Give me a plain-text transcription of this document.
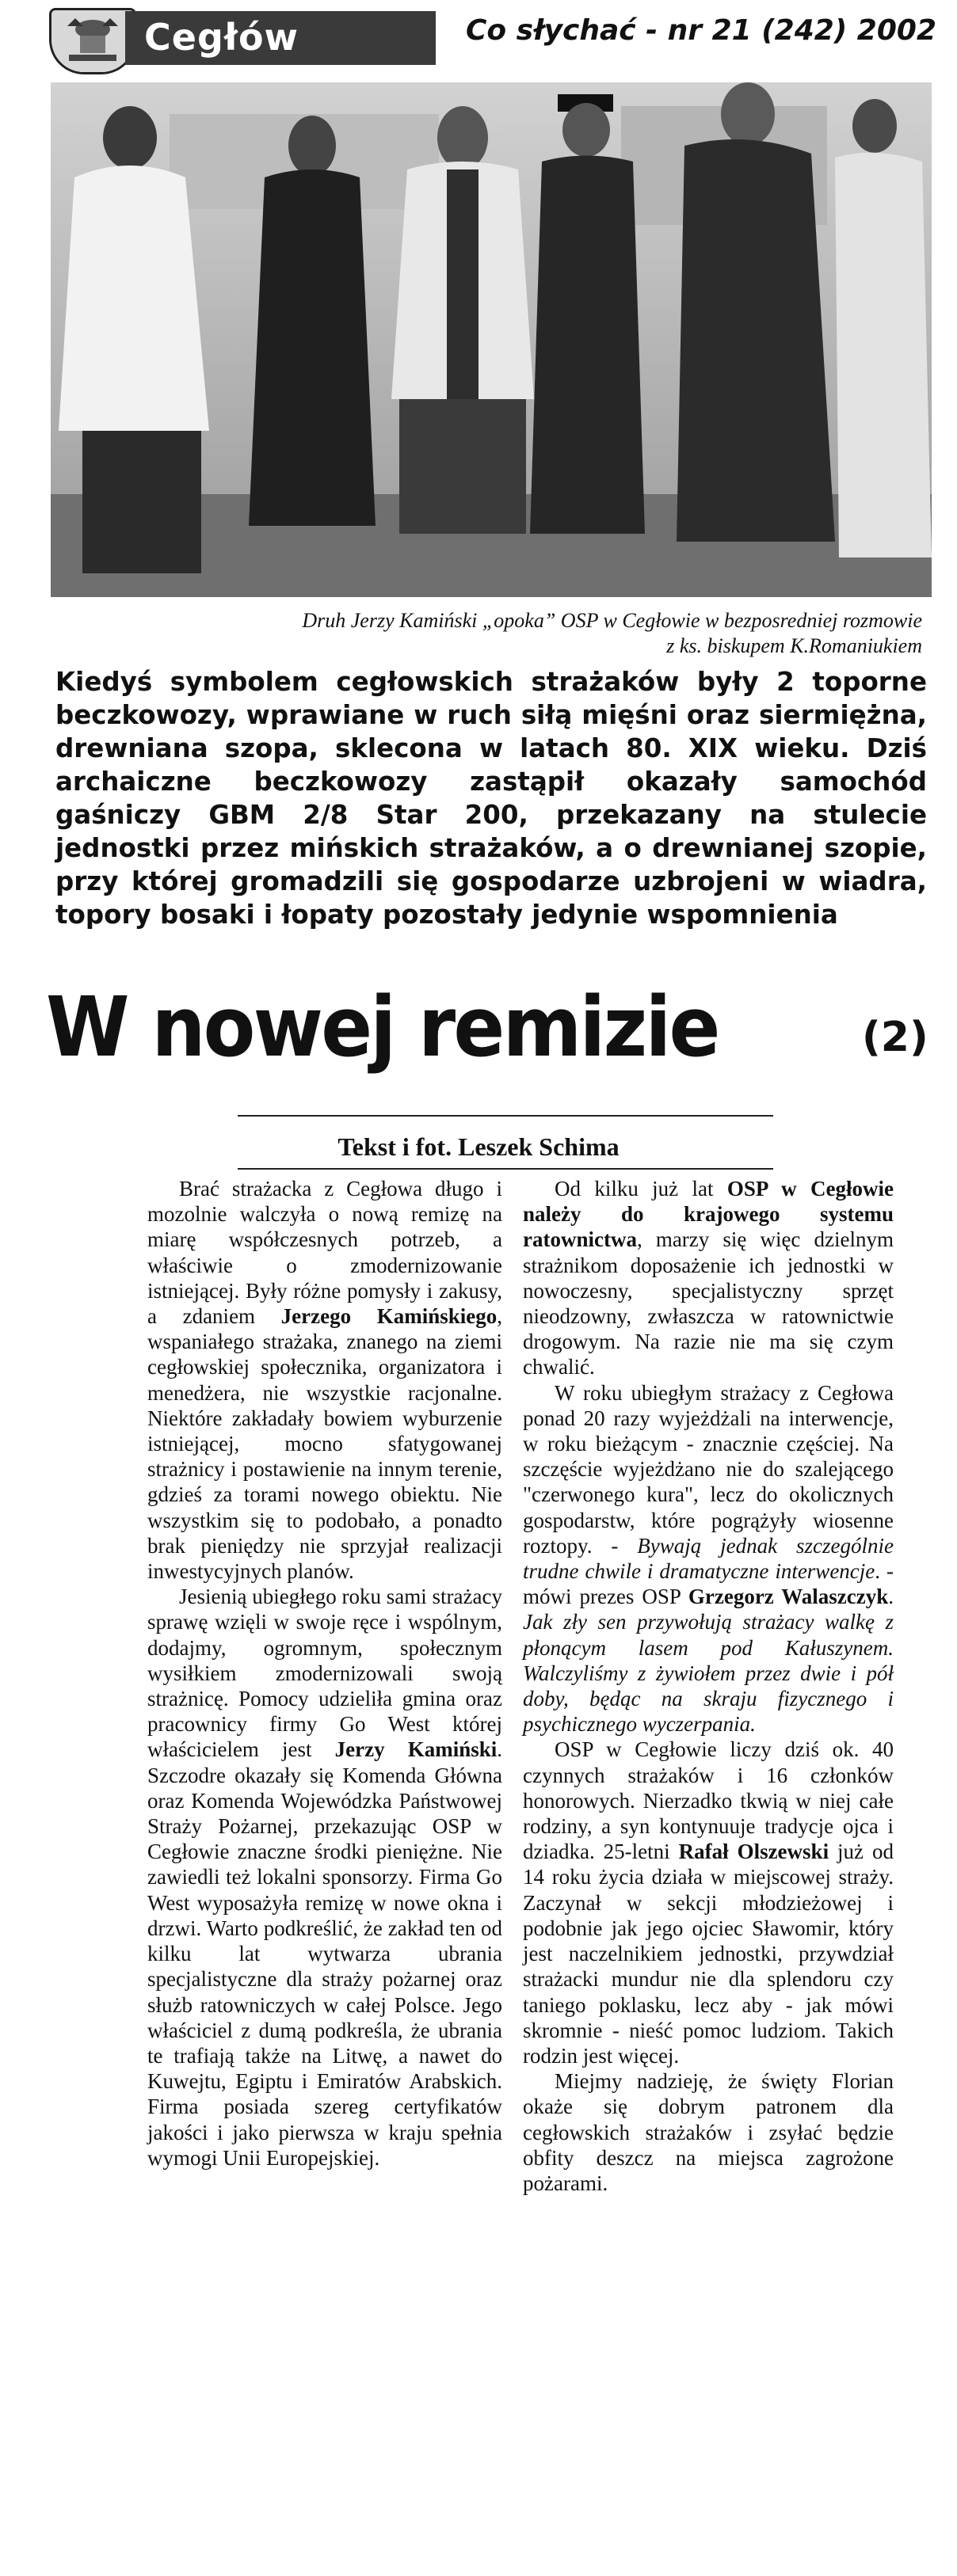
Cegłów	Co słychać - nr 21 (242) 2002
Druh Jerzy Kamiński „opoka” OSP w Cegłowie w bezposredniej rozmowie
z ks. biskupem K.Romaniukiem
Kiedyś symbolem cegłowskich strażaków były 2 toporne beczkowozy, wprawiane w ruch siłą mięśni oraz siermiężna, drewniana szopa, sklecona w latach 80. XIX wieku. Dziś archaiczne beczkowozy zastąpił okazały samochód gaśniczy GBM 2/8 Star 200, przekazany na stulecie jednostki przez mińskich strażaków, a o drewnianej szopie, przy której gromadzili się gospodarze uzbrojeni w wiadra, topory bosaki i łopaty pozostały jedynie wspomnienia
W nowej remizie	(2)
Tekst i fot. Leszek Schima

Brać strażacka z Cegłowa długo i mozolnie walczyła o nową remizę na miarę współczesnych potrzeb, a właściwie o zmodernizowanie istniejącej. Były różne pomysły i zakusy, a zdaniem Jerzego Kamińskiego, wspaniałego strażaka, znanego na ziemi cegłowskiej społecznika, organizatora i menedżera, nie wszystkie racjonalne. Niektóre zakładały bowiem wyburzenie istniejącej, mocno sfatygowanej strażnicy i postawienie na innym terenie, gdzieś za torami nowego obiektu. Nie wszystkim się to podobało, a ponadto brak pieniędzy nie sprzyjał realizacji inwestycyjnych planów.

Jesienią ubiegłego roku sami strażacy sprawę wzięli w swoje ręce i wspólnym, dodajmy, ogromnym, społecznym wysiłkiem zmodernizowali swoją strażnicę. Pomocy udzieliła gmina oraz pracownicy firmy Go West której właścicielem jest Jerzy Kamiński. Szczodre okazały się Komenda Główna oraz Komenda Wojewódzka Państwowej Straży Pożarnej, przekazując OSP w Cegłowie znaczne środki pieniężne. Nie zawiedli też lokalni sponsorzy. Firma Go West wyposażyła remizę w nowe okna i drzwi. Warto podkreślić, że zakład ten od kilku lat wytwarza ubrania specjalistyczne dla straży pożarnej oraz służb ratowniczych w całej Polsce. Jego właściciel z dumą podkreśla, że ubrania te trafiają także na Litwę, a nawet do Kuwejtu, Egiptu i Emiratów Arabskich. Firma posiada szereg certyfikatów jakości i jako pierwsza w kraju spełnia wymogi Unii Europejskiej.

Od kilku już lat OSP w Cegłowie należy do krajowego systemu ratownictwa, marzy się więc dzielnym strażnikom doposażenie ich jednostki w nowoczesny, specjalistyczny sprzęt nieodzowny, zwłaszcza w ratownictwie drogowym. Na razie nie ma się czym chwalić.

W roku ubiegłym strażacy z Cegłowa ponad 20 razy wyjeżdżali na interwencje, w roku bieżącym - znacznie częściej. Na szczęście wyjeżdżano nie do szalejącego "czerwonego kura", lecz do okolicznych gospodarstw, które pogrążyły wiosenne roztopy. - Bywają jednak szczególnie trudne chwile i dramatyczne interwencje. - mówi prezes OSP Grzegorz Walaszczyk. Jak zły sen przywołują strażacy walkę z płonącym lasem pod Kałuszynem. Walczyliśmy z żywiołem przez dwie i pół doby, będąc na skraju fizycznego i psychicznego wyczerpania.

OSP w Cegłowie liczy dziś ok. 40 czynnych strażaków i 16 członków honorowych. Nierzadko tkwią w niej całe rodziny, a syn kontynuuje tradycje ojca i dziadka. 25-letni Rafał Olszewski już od 14 roku życia działa w miejscowej straży. Zaczynał w sekcji młodzieżowej i podobnie jak jego ojciec Sławomir, który jest naczelnikiem jednostki, przywdział strażacki mundur nie dla splendoru czy taniego poklasku, lecz aby - jak mówi skromnie - nieść pomoc ludziom. Takich rodzin jest więcej.

Miejmy nadzieję, że święty Florian okaże się dobrym patronem dla cegłowskich strażaków i zsyłać będzie obfity deszcz na miejsca zagrożone pożarami.
